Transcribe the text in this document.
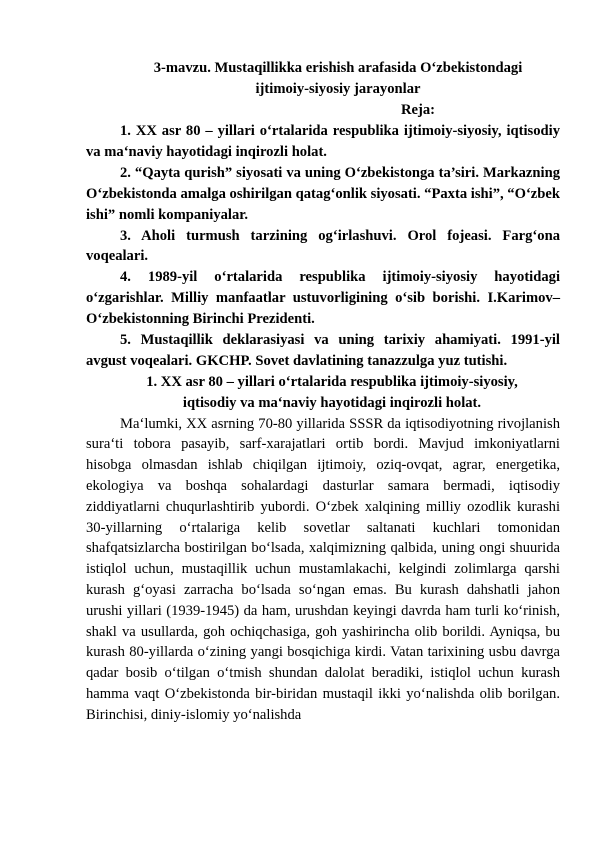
3-mavzu. Mustaqillikka erishish arafasida O‘zbekistondagi
ijtimoiy-siyosiy jarayonlar

Reja:

1. XX asr 80 – yillari o‘rtalarida respublika ijtimoiy-siyosiy, iqtisodiy va ma‘naviy hayotidagi inqirozli holat.

2. “Qayta qurish” siyosati va uning O‘zbekistonga ta’siri. Markazning O‘zbekistonda amalga oshirilgan qatag‘onlik siyosati. “Paxta ishi”, “O‘zbek ishi” nomli kompaniyalar.

3. Aholi turmush tarzining og‘irlashuvi. Orol fojeasi. Farg‘ona voqealari.

4. 1989-yil o‘rtalarida respublika ijtimoiy-siyosiy hayotidagi o‘zgarishlar. Milliy manfaatlar ustuvorligining o‘sib borishi. I.Karimov–O‘zbekistonning Birinchi Prezidenti.

5. Mustaqillik deklarasiyasi va uning tarixiy ahamiyati. 1991-yil avgust voqealari. GKCHP. Sovet davlatining tanazzulga yuz tutishi.

1. XX asr 80 – yillari o‘rtalarida respublika ijtimoiy-siyosiy,
iqtisodiy va ma‘naviy hayotidagi inqirozli holat.

Ma‘lumki, XX asrning 70-80 yillarida SSSR da iqtisodiyotning rivojlanish sura‘ti tobora pasayib, sarf-xarajatlari ortib bordi. Mavjud imkoniyatlarni hisobga olmasdan ishlab chiqilgan ijtimoiy, oziq-ovqat, agrar, energetika, ekologiya va boshqa sohalardagi dasturlar samara bermadi, iqtisodiy ziddiyatlarni chuqurlashtirib yubordi. O‘zbek xalqining milliy ozodlik kurashi 30-yillarning o‘rtalariga kelib sovetlar saltanati kuchlari tomonidan shafqatsizlarcha bostirilgan bo‘lsada, xalqimizning qalbida, uning ongi shuurida istiqlol uchun, mustaqillik uchun mustamlakachi, kelgindi zolimlarga qarshi kurash g‘oyasi zarracha bo‘lsada so‘ngan emas. Bu kurash dahshatli jahon urushi yillari (1939-1945) da ham, urushdan keyingi davrda ham turli ko‘rinish, shakl va usullarda, goh ochiqchasiga, goh yashirincha olib borildi. Ayniqsa, bu kurash 80-yillarda o‘zining yangi bosqichiga kirdi. Vatan tarixining usbu davrga qadar bosib o‘tilgan o‘tmish shundan dalolat beradiki, istiqlol uchun kurash hamma vaqt O‘zbekistonda bir-biridan mustaqil ikki yo‘nalishda olib borilgan. Birinchisi, diniy-islomiy yo‘nalishda
